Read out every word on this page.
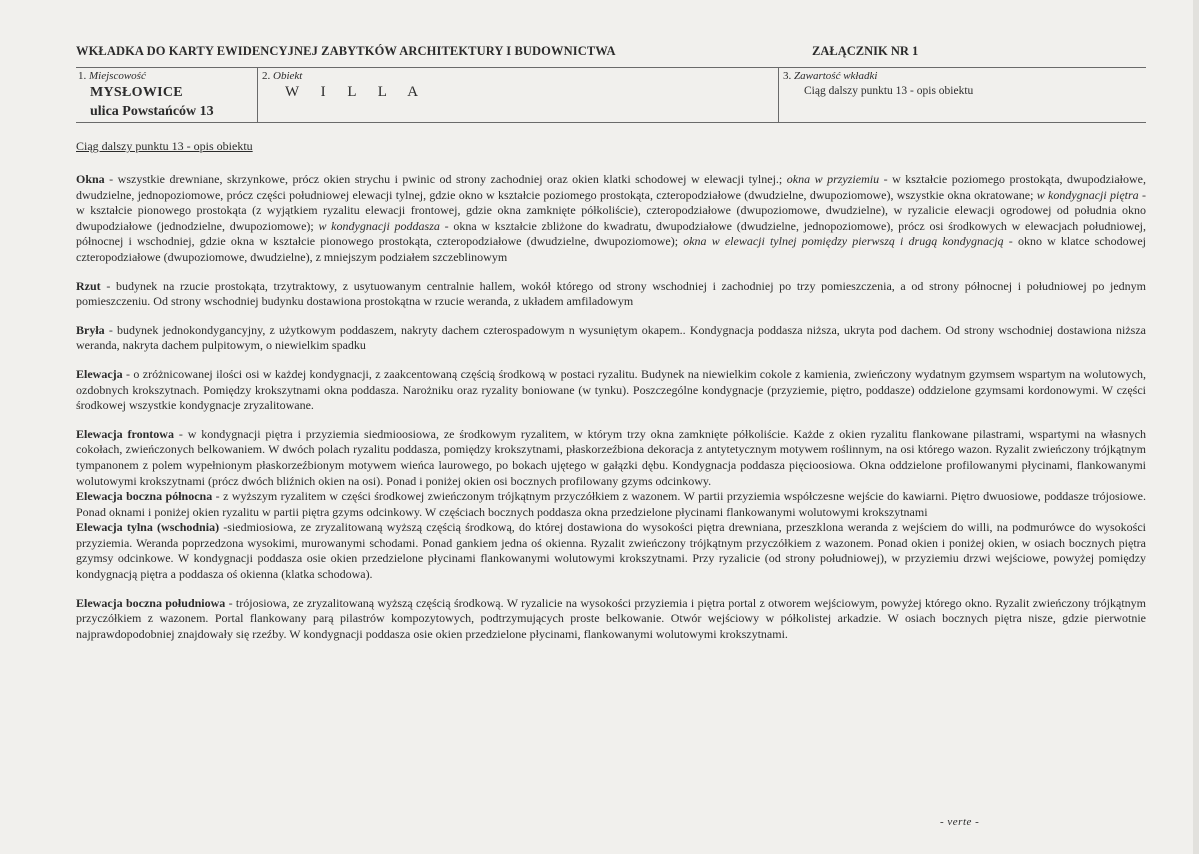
WKŁADKA DO KARTY EWIDENCYJNEJ ZABYTKÓW ARCHITEKTURY I BUDOWNICTWA	ZAŁĄCZNIK NR 1
1. Miejscowość
MYSŁOWICE
ulica Powstańców 13
2. Obiekt
W I L L A
3. Zawartość wkładki
Ciąg dalszy punktu 13 - opis obiektu
Ciąg dalszy punktu 13 - opis obiektu

Okna - wszystkie drewniane, skrzynkowe, prócz okien strychu i pwinic od strony zachodniej oraz okien klatki schodowej w elewacji tylnej.; okna w przyziemiu - w kształcie poziomego prostokąta, dwupodziałowe, dwudzielne, jednopoziomowe, prócz części południowej elewacji tylnej, gdzie okno w kształcie poziomego prostokąta, czteropodziałowe (dwudzielne, dwupoziomowe), wszystkie okna okratowane; w kondygnacji piętra - w kształcie pionowego prostokąta (z wyjątkiem ryzalitu elewacji frontowej, gdzie okna zamknięte półkoliście), czteropodziałowe (dwupoziomowe, dwudzielne), w ryzalicie elewacji ogrodowej od południa okno dwupodziałowe (jednodzielne, dwupoziomowe); w kondygnacji poddasza - okna w kształcie zbliżone do kwadratu, dwupodziałowe (dwudzielne, jednopoziomowe), prócz osi środkowych w elewacjach południowej, północnej i wschodniej, gdzie okna w kształcie pionowego prostokąta, czteropodziałowe (dwudzielne, dwupoziomowe); okna w elewacji tylnej pomiędzy pierwszą i drugą kondygnacją - okno w klatce schodowej czteropodziałowe (dwupoziomowe, dwudzielne), z mniejszym podziałem szczeblinowym

Rzut - budynek na rzucie prostokąta, trzytraktowy, z usytuowanym centralnie hallem, wokół którego od strony wschodniej i zachodniej po trzy pomieszczenia, a od strony północnej i południowej po jednym pomieszczeniu. Od strony wschodniej budynku dostawiona prostokątna w rzucie weranda, z układem amfiladowym

Bryła - budynek jednokondygancyjny, z użytkowym poddaszem, nakryty dachem czterospadowym n wysuniętym okapem.. Kondygnacja poddasza niższa, ukryta pod dachem. Od strony wschodniej dostawiona niższa weranda, nakryta dachem pulpitowym, o niewielkim spadku

Elewacja - o zróżnicowanej ilości osi w każdej kondygnacji, z zaakcentowaną częścią środkową w postaci ryzalitu. Budynek na niewielkim cokole z kamienia, zwieńczony wydatnym gzymsem wspartym na wolutowych, ozdobnych krokszytnach. Pomiędzy krokszytnami okna poddasza. Narożniku oraz ryzality boniowane (w tynku). Poszczególne kondygnacje (przyziemie, piętro, poddasze) oddzielone gzymsami kordonowymi. W części środkowej wszystkie kondygnacje zryzalitowane.

Elewacja frontowa - w kondygnacji piętra i przyziemia siedmioosiowa, ze środkowym ryzalitem, w którym trzy okna zamknięte półkoliście. Każde z okien ryzalitu flankowane pilastrami, wspartymi na własnych cokołach, zwieńczonych belkowaniem. W dwóch polach ryzalitu poddasza, pomiędzy krokszytnami, płaskorzeźbiona dekoracja z antytetycznym motywem roślinnym, na osi którego wazon. Ryzalit zwieńczony trójkątnym tympanonem z polem wypełnionym płaskorzeźbionym motywem wieńca laurowego, po bokach ujętego w gałązki dębu. Kondygnacja poddasza pięcioosiowa. Okna oddzielone profilowanymi płycinami, flankowanymi wolutowymi krokszytnami (prócz dwóch bliźnich okien na osi). Ponad i poniżej okien osi bocznych profilowany gzyms odcinkowy.

Elewacja boczna północna - z wyższym ryzalitem w części środkowej zwieńczonym trójkątnym przyczółkiem z wazonem. W partii przyziemia współczesne wejście do kawiarni. Piętro dwuosiowe, poddasze trójosiowe. Ponad oknami i poniżej okien ryzalitu w partii piętra gzyms odcinkowy. W częściach bocznych poddasza okna przedzielone płycinami flankowanymi wolutowymi krokszytnami

Elewacja tylna (wschodnia) -siedmiosiowa, ze zryzalitowaną wyższą częścią środkową, do której dostawiona do wysokości piętra drewniana, przeszklona weranda z wejściem do willi, na podmurówce do wysokości przyziemia. Weranda poprzedzona wysokimi, murowanymi schodami. Ponad gankiem jedna oś okienna. Ryzalit zwieńczony trójkątnym przyczółkiem z wazonem. Ponad okien i poniżej okien, w osiach bocznych piętra gzymsy odcinkowe. W kondygnacji poddasza osie okien przedzielone płycinami flankowanymi wolutowymi krokszytnami. Przy ryzalicie (od strony południowej), w przyziemiu drzwi wejściowe, powyżej pomiędzy kondygnacją piętra a poddasza oś okienna (klatka schodowa).

Elewacja boczna południowa - trójosiowa, ze zryzalitowaną wyższą częścią środkową. W ryzalicie na wysokości przyziemia i piętra portal z otworem wejściowym, powyżej którego okno. Ryzalit zwieńczony trójkątnym przyczółkiem z wazonem. Portal flankowany parą pilastrów kompozytowych, podtrzymujących proste belkowanie. Otwór wejściowy w półkolistej arkadzie. W osiach bocznych piętra nisze, gdzie pierwotnie najprawdopodobniej znajdowały się rzeźby. W kondygnacji poddasza osie okien przedzielone płycinami, flankowanymi wolutowymi krokszytnami.

- verte -
